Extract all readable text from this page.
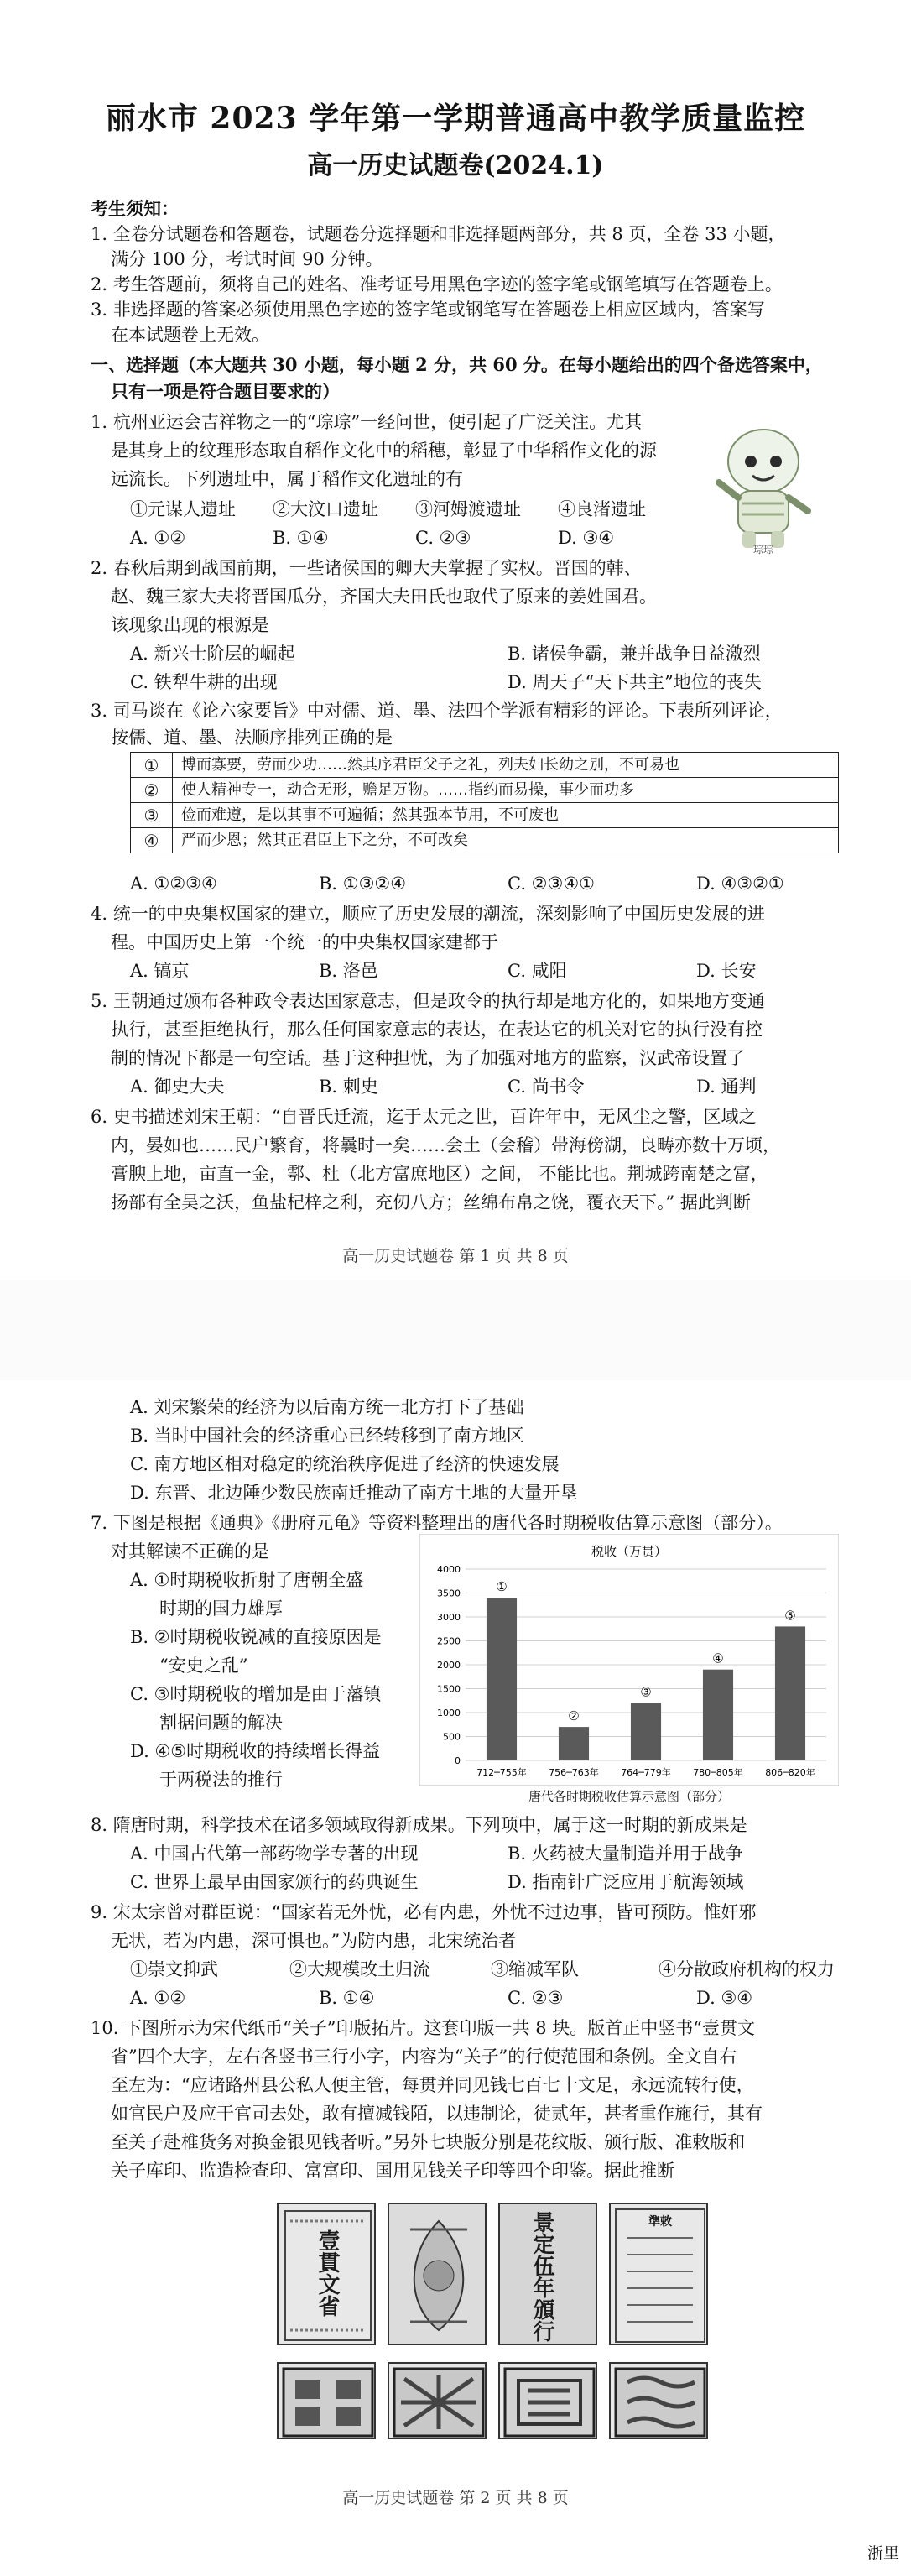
丽水市 2023 学年第一学期普通高中教学质量监控
高一历史试题卷(2024.1)
考生须知：
1. 全卷分试题卷和答题卷，试题卷分选择题和非选择题两部分，共 8 页，全卷 33 小题，
满分 100 分，考试时间 90 分钟。
2. 考生答题前，须将自己的姓名、准考证号用黑色字迹的签字笔或钢笔填写在答题卷上。
3. 非选择题的答案必须使用黑色字迹的签字笔或钢笔写在答题卷上相应区域内，答案写
在本试题卷上无效。
一、选择题（本大题共 30 小题，每小题 2 分，共 60 分。在每小题给出的四个备选答案中，
只有一项是符合题目要求的）
1. 杭州亚运会吉祥物之一的“琮琮”一经问世，便引起了广泛关注。尤其
是其身上的纹理形态取自稻作文化中的稻穗，彰显了中华稻作文化的源
远流长。下列遗址中，属于稻作文化遗址的有
①元谋人遗址	②大汶口遗址	③河姆渡遗址	④良渚遗址
A. ①②	B. ①④	C. ②③	D. ③④
琮琮
2. 春秋后期到战国前期，一些诸侯国的卿大夫掌握了实权。晋国的韩、
赵、魏三家大夫将晋国瓜分，齐国大夫田氏也取代了原来的姜姓国君。
该现象出现的根源是
A. 新兴士阶层的崛起	B. 诸侯争霸，兼并战争日益激烈
C. 铁犁牛耕的出现	D. 周天子“天下共主”地位的丧失
3. 司马谈在《论六家要旨》中对儒、道、墨、法四个学派有精彩的评论。下表所列评论，
按儒、道、墨、法顺序排列正确的是
①	博而寡要，劳而少功……然其序君臣父子之礼，列夫妇长幼之别，不可易也
②	使人精神专一，动合无形，赡足万物。……指约而易操，事少而功多
③	俭而难遵，是以其事不可遍循；然其强本节用，不可废也
④	严而少恩；然其正君臣上下之分，不可改矣
A. ①②③④	B. ①③②④	C. ②③④①	D. ④③②①
4. 统一的中央集权国家的建立，顺应了历史发展的潮流，深刻影响了中国历史发展的进
程。中国历史上第一个统一的中央集权国家建都于
A. 镐京	B. 洛邑	C. 咸阳	D. 长安
5. 王朝通过颁布各种政令表达国家意志，但是政令的执行却是地方化的，如果地方变通
执行，甚至拒绝执行，那么任何国家意志的表达，在表达它的机关对它的执行没有控
制的情况下都是一句空话。基于这种担忧，为了加强对地方的监察，汉武帝设置了
A. 御史大夫	B. 刺史	C. 尚书令	D. 通判
6. 史书描述刘宋王朝：“自晋氏迁流，迄于太元之世，百许年中，无风尘之警，区域之
内，晏如也……民户繁育，将曩时一矣……会土（会稽）带海傍湖，良畴亦数十万顷，
膏腴上地，亩直一金，鄠、杜（北方富庶地区）之间， 不能比也。荆城跨南楚之富，
扬部有全吴之沃，鱼盐杞梓之利，充仞八方；丝绵布帛之饶，覆衣天下。” 据此判断
高一历史试题卷 第 1 页 共 8 页
A. 刘宋繁荣的经济为以后南方统一北方打下了基础
B. 当时中国社会的经济重心已经转移到了南方地区
C. 南方地区相对稳定的统治秩序促进了经济的快速发展
D. 东晋、北边陲少数民族南迁推动了南方土地的大量开垦
7. 下图是根据《通典》《册府元龟》等资料整理出的唐代各时期税收估算示意图（部分）。
对其解读不正确的是
A. ①时期税收折射了唐朝全盛
时期的国力雄厚
B. ②时期税收锐减的直接原因是
“安史之乱”
C. ③时期税收的增加是由于藩镇
割据问题的解决
D. ④⑤时期税收的持续增长得益
于两税法的推行
税收（万贯）
0
500
1000
1500
2000
2500
3000
3500
4000
①
712─755年
②
756─763年
③
764─779年
④
780─805年
⑤
806─820年
唐代各时期税收估算示意图（部分）
8. 隋唐时期，科学技术在诸多领域取得新成果。下列项中，属于这一时期的新成果是
A. 中国古代第一部药物学专著的出现	B. 火药被大量制造并用于战争
C. 世界上最早由国家颁行的药典诞生	D. 指南针广泛应用于航海领域
9. 宋太宗曾对群臣说：“国家若无外忧，必有内患，外忧不过边事，皆可预防。惟奸邪
无状，若为内患，深可惧也。”为防内患，北宋统治者
①崇文抑武	②大规模改土归流	③缩减军队	④分散政府机构的权力
A. ①②	B. ①④	C. ②③	D. ③④
10. 下图所示为宋代纸币“关子”印版拓片。这套印版一共 8 块。版首正中竖书“壹贯文
省”四个大字，左右各竖书三行小字，内容为“关子”的行使范围和条例。全文自右
至左为：“应诸路州县公私人便主管，每贯并同见钱七百七十文足，永远流转行使，
如官民户及应干官司去处，敢有擅减钱陌，以违制论，徒贰年，甚者重作施行，其有
至关子赴椎货务对换金银见钱者听。”另外七块版分别是花纹版、颁行版、准敕版和
关子库印、监造检查印、富富印、国用见钱关子印等四个印鉴。据此推断
壹貫文省	景定伍年頒行	準敕
高一历史试题卷 第 2 页 共 8 页
浙里
